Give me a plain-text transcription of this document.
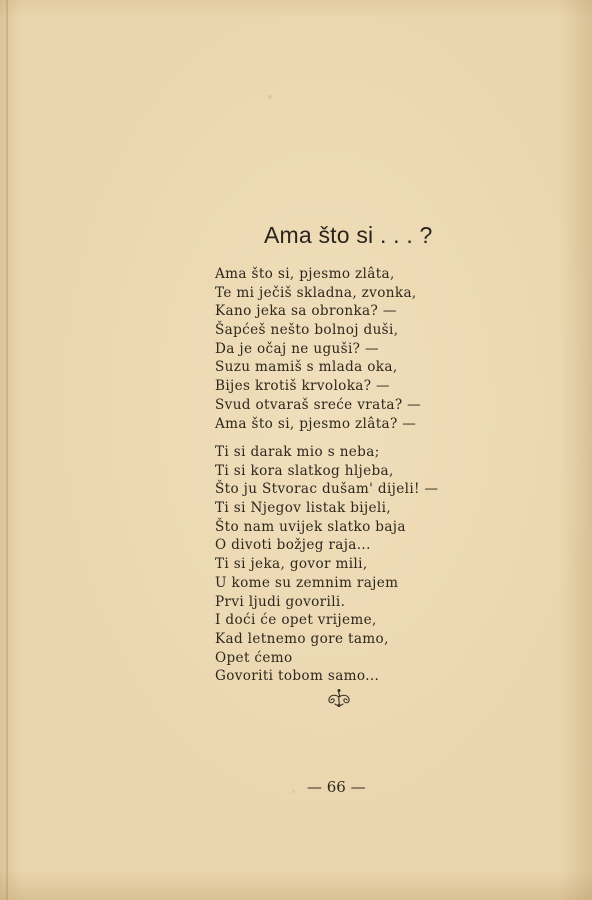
Ama što si . . . ?
Ama što si, pjesmo zlâta,
Te mi ječiš skladna, zvonka,
Kano jeka sa obronka? —
Šapćeš nešto bolnoj duši,
Da je očaj ne uguši? —
Suzu mamiš s mlada oka,
Bijes krotiš krvoloka? —
Svud otvaraš sreće vrata? —
Ama što si, pjesmo zlâta? —
Ti si darak mio s neba;
Ti si kora slatkog hljeba,
Što ju Stvorac dušam' dijeli! —
Ti si Njegov listak bijeli,
Što nam uvijek slatko baja
O divoti božjeg raja...
Ti si jeka, govor mili,
U kome su zemnim rajem
Prvi ljudi govorili.
I doći će opet vrijeme,
Kad letnemo gore tamo,
Opet ćemo
Govoriti tobom samo...
— 66 —
